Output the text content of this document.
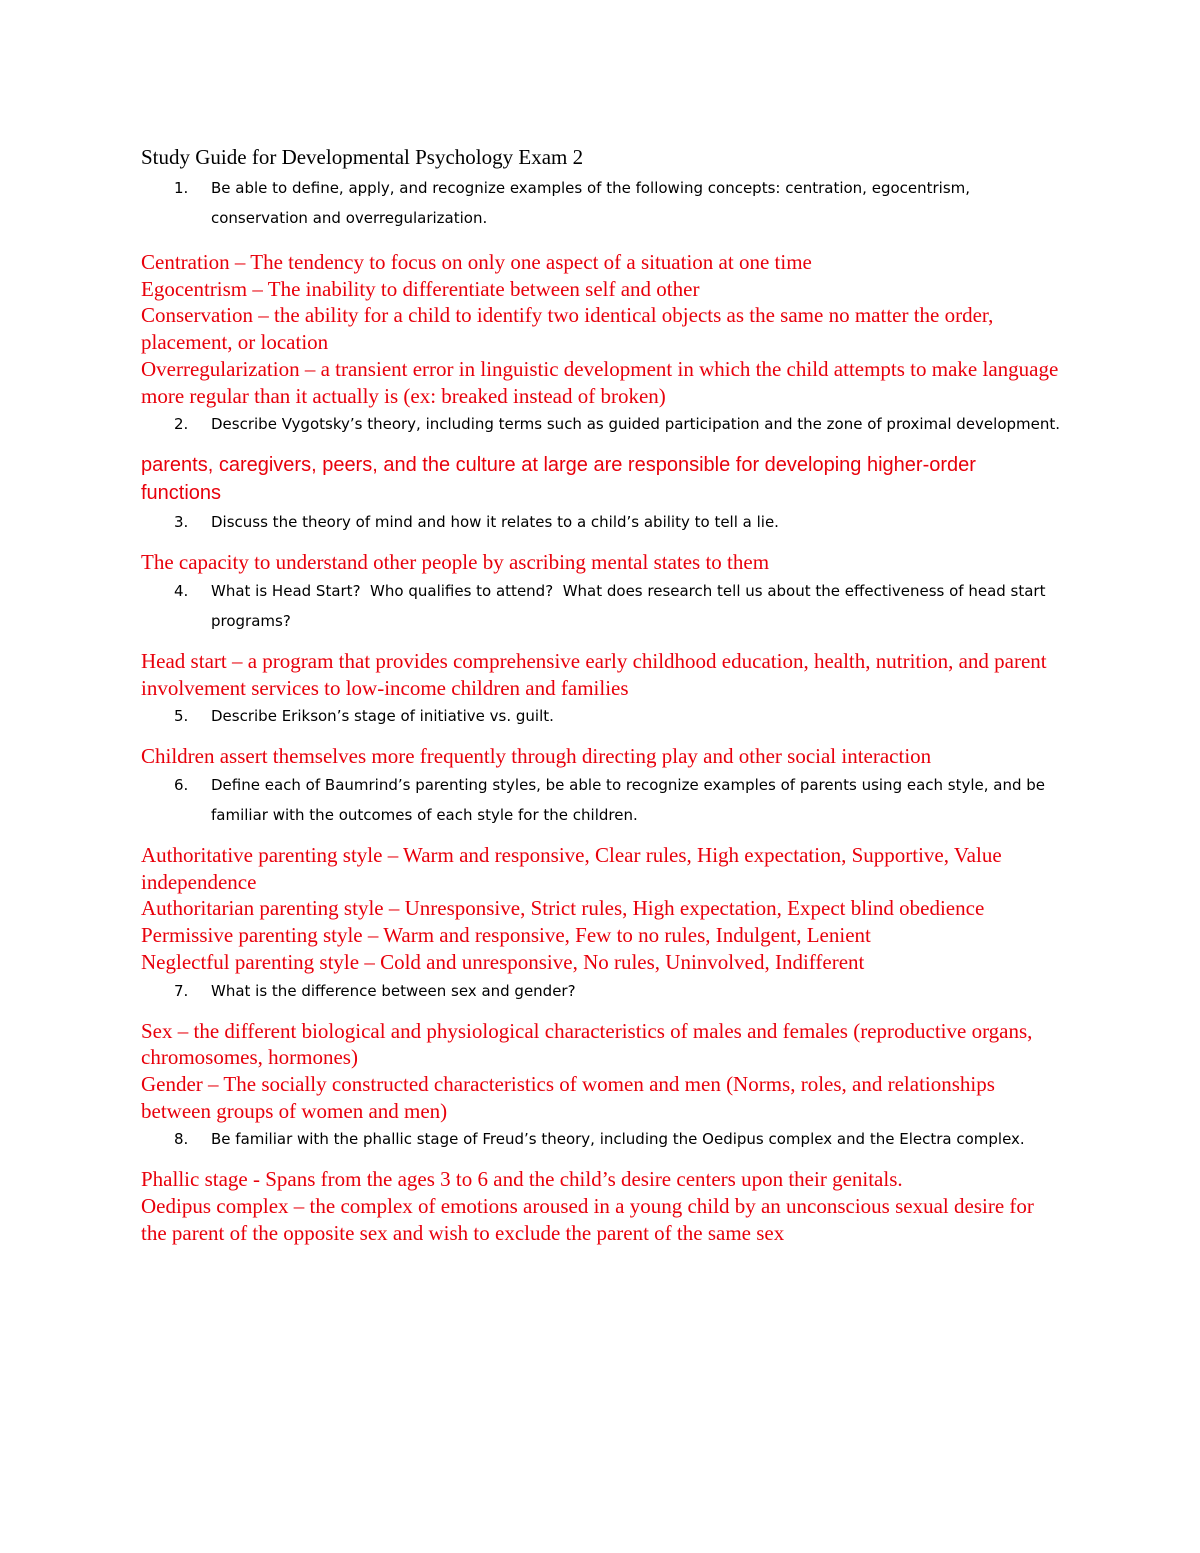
Study Guide for Developmental Psychology Exam 2
1. Be able to define, apply, and recognize examples of the following concepts: centration, egocentrism, conservation and overregularization.

Centration – The tendency to focus on only one aspect of a situation at one time

Egocentrism – The inability to differentiate between self and other

Conservation – the ability for a child to identify two identical objects as the same no matter the order, placement, or location

Overregularization – a transient error in linguistic development in which the child attempts to make language more regular than it actually is (ex: breaked instead of broken)

2. Describe Vygotsky’s theory, including terms such as guided participation and the zone of proximal development.

parents, caregivers, peers, and the culture at large are responsible for developing higher-order functions

3. Discuss the theory of mind and how it relates to a child’s ability to tell a lie.

The capacity to understand other people by ascribing mental states to them

4. What is Head Start?  Who qualifies to attend?  What does research tell us about the effectiveness of head start programs?

Head start – a program that provides comprehensive early childhood education, health, nutrition, and parent involvement services to low-income children and families

5. Describe Erikson’s stage of initiative vs. guilt.

Children assert themselves more frequently through directing play and other social interaction

6. Define each of Baumrind’s parenting styles, be able to recognize examples of parents using each style, and be familiar with the outcomes of each style for the children.

Authoritative parenting style – Warm and responsive, Clear rules, High expectation, Supportive, Value independence

Authoritarian parenting style – Unresponsive, Strict rules, High expectation, Expect blind obedience

Permissive parenting style – Warm and responsive, Few to no rules, Indulgent, Lenient

Neglectful parenting style – Cold and unresponsive, No rules, Uninvolved, Indifferent

7. What is the difference between sex and gender?

Sex – the different biological and physiological characteristics of males and females (reproductive organs, chromosomes, hormones)

Gender – The socially constructed characteristics of women and men (Norms, roles, and relationships between groups of women and men)

8. Be familiar with the phallic stage of Freud’s theory, including the Oedipus complex and the Electra complex.

Phallic stage - Spans from the ages 3 to 6 and the child’s desire centers upon their genitals.

Oedipus complex – the complex of emotions aroused in a young child by an unconscious sexual desire for the parent of the opposite sex and wish to exclude the parent of the same sex
